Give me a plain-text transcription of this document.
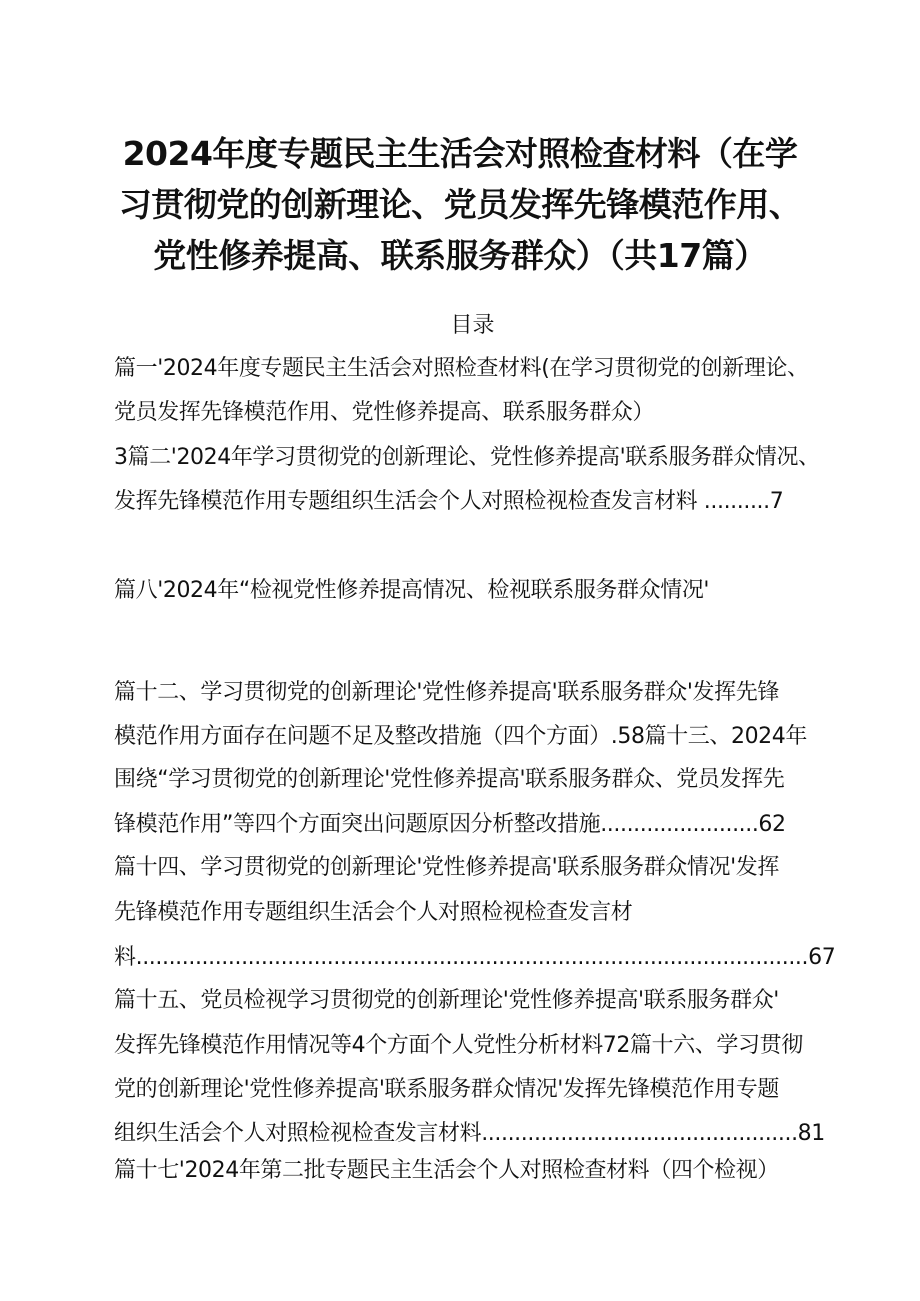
2024年度专题民主生活会对照检查材料（在学
习贯彻党的创新理论、党员发挥先锋模范作用、
党性修养提高、联系服务群众）（共17篇）
目录
篇一'2024年度专题民主生活会对照检查材料(在学习贯彻党的创新理论、
党员发挥先锋模范作用、党性修养提高、联系服务群众）
3篇二'2024年学习贯彻党的创新理论、党性修养提高'联系服务群众情况、
发挥先锋模范作用专题组织生活会个人对照检视检查发言材料 ..........7
篇八'2024年“检视党性修养提高情况、检视联系服务群众情况'
篇十二、学习贯彻党的创新理论'党性修养提高'联系服务群众'发挥先锋
模范作用方面存在问题不足及整改措施（四个方面）.58篇十三、2024年
围绕“学习贯彻党的创新理论'党性修养提高'联系服务群众、党员发挥先
锋模范作用”等四个方面突出问题原因分析整改措施........................62
篇十四、学习贯彻党的创新理论'党性修养提高'联系服务群众情况'发挥
先锋模范作用专题组织生活会个人对照检视检查发言材
料......................................................................................................67
篇十五、党员检视学习贯彻党的创新理论'党性修养提高'联系服务群众'
发挥先锋模范作用情况等4个方面个人党性分析材料72篇十六、学习贯彻
党的创新理论'党性修养提高'联系服务群众情况'发挥先锋模范作用专题
组织生活会个人对照检视检查发言材料................................................81
篇十七'2024年第二批专题民主生活会个人对照检查材料（四个检视）
